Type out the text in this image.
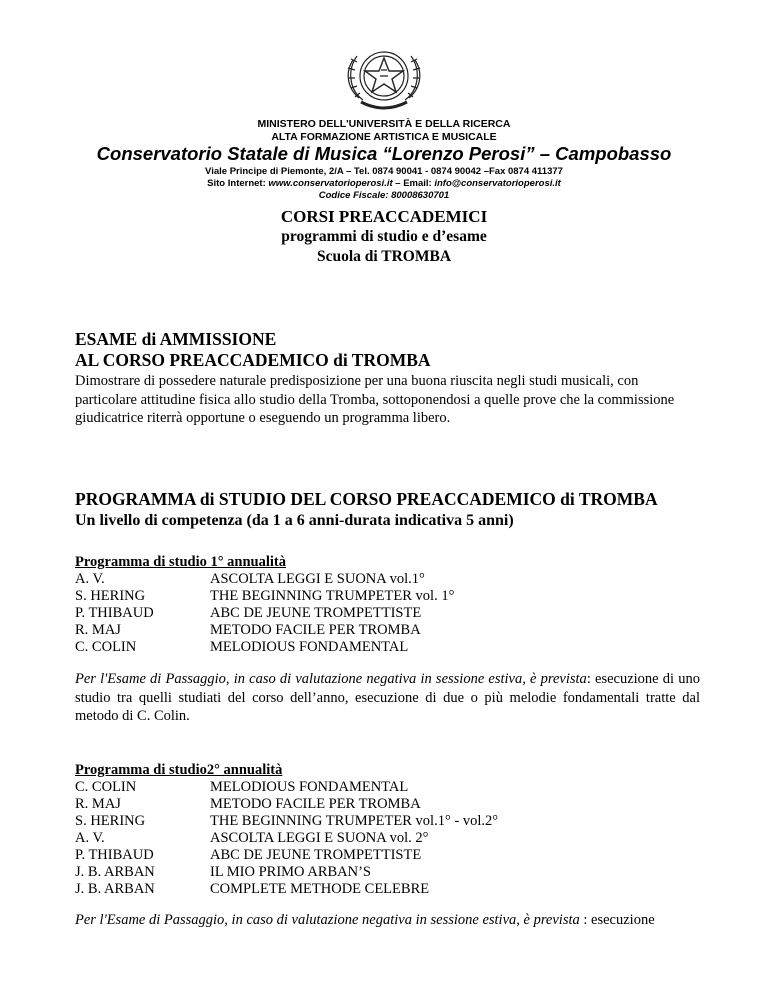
MINISTERO DELL'UNIVERSITÀ E DELLA RICERCA
ALTA FORMAZIONE ARTISTICA E MUSICALE
Conservatorio Statale di Musica “Lorenzo Perosi” – Campobasso
Viale Principe di Piemonte, 2/A – Tel. 0874 90041 - 0874 90042 –Fax 0874 411377
Sito Internet: www.conservatorioperosi.it – Email: info@conservatorioperosi.it
Codice Fiscale: 80008630701
CORSI PREACCADEMICI
programmi di studio e d’esame
Scuola di TROMBA
ESAME di AMMISSIONE
AL CORSO PREACCADEMICO di TROMBA
Dimostrare di possedere naturale predisposizione per una buona riuscita negli studi musicali, con particolare attitudine fisica allo studio della Tromba, sottoponendosi a quelle prove che la commissione giudicatrice riterrà opportune o eseguendo un programma libero.
PROGRAMMA di STUDIO DEL CORSO PREACCADEMICO di TROMBA
Un livello di competenza (da 1 a 6 anni-durata indicativa 5 anni)
Programma di studio 1° annualità
A. V.	ASCOLTA LEGGI E SUONA vol.1°
S. HERING	THE BEGINNING TRUMPETER vol. 1°
P. THIBAUD	ABC DE JEUNE TROMPETTISTE
R. MAJ	METODO FACILE PER TROMBA
C. COLIN	MELODIOUS FONDAMENTAL
Per l'Esame di Passaggio, in caso di valutazione negativa in sessione estiva, è prevista: esecuzione di uno studio tra quelli studiati del corso dell’anno, esecuzione di due o più melodie fondamentali tratte dal metodo di C. Colin.
Programma di studio2° annualità
C. COLIN	MELODIOUS FONDAMENTAL
R. MAJ	METODO FACILE PER TROMBA
S. HERING	THE BEGINNING TRUMPETER vol.1° - vol.2°
A. V.	ASCOLTA LEGGI E SUONA vol. 2°
P. THIBAUD	ABC DE JEUNE TROMPETTISTE
J. B. ARBAN	IL MIO PRIMO ARBAN’S
J. B. ARBAN	COMPLETE METHODE CELEBRE
Per l'Esame di Passaggio, in caso di valutazione negativa in sessione estiva, è prevista : esecuzione
